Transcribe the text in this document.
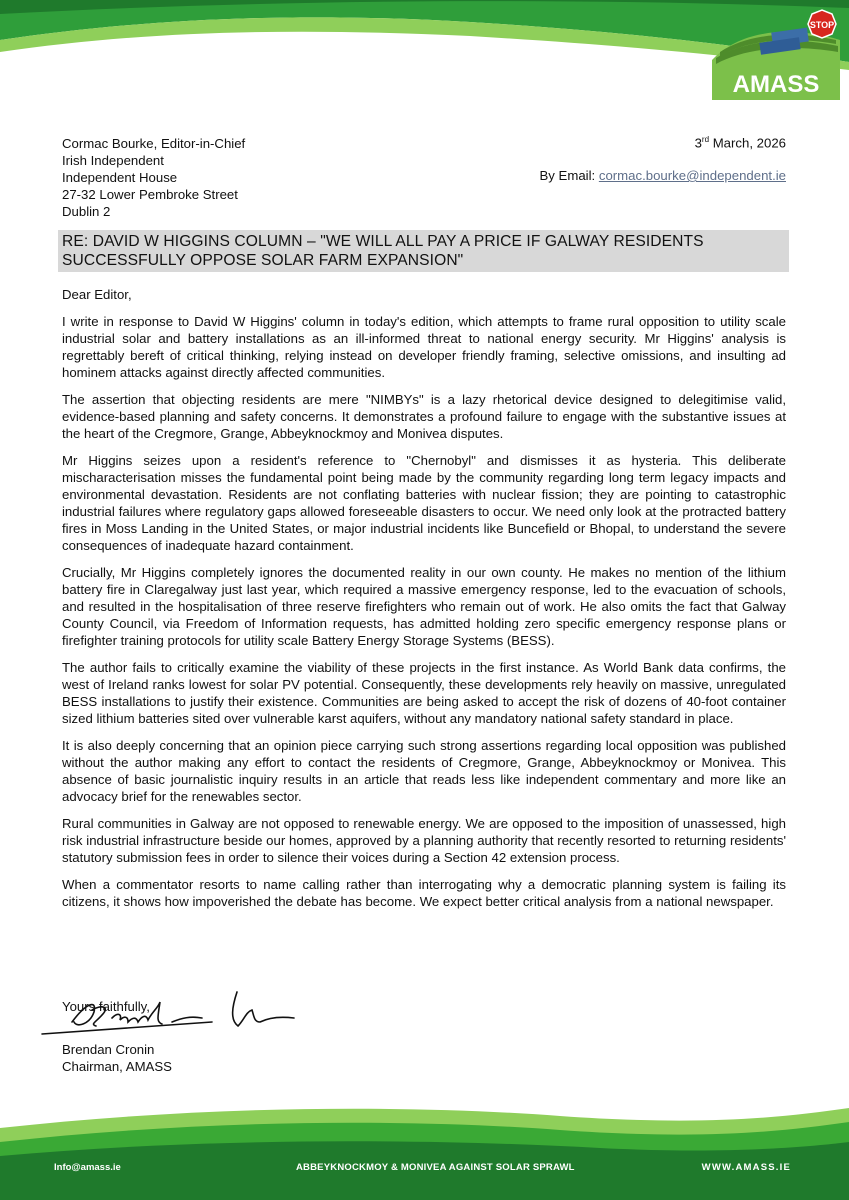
STOP
AMASS
Cormac Bourke, Editor-in-Chief
Irish Independent
Independent House
27-32 Lower Pembroke Street
Dublin 2
3rd March, 2026
By Email: cormac.bourke@independent.ie
RE: DAVID W HIGGINS COLUMN – "WE WILL ALL PAY A PRICE IF GALWAY RESIDENTS SUCCESSFULLY OPPOSE SOLAR FARM EXPANSION"

Dear Editor,

I write in response to David W Higgins' column in today's edition, which attempts to frame rural opposition to utility scale industrial solar and battery installations as an ill-informed threat to national energy security. Mr Higgins' analysis is regrettably bereft of critical thinking, relying instead on developer friendly framing, selective omissions, and insulting ad hominem attacks against directly affected communities.

The assertion that objecting residents are mere "NIMBYs" is a lazy rhetorical device designed to delegitimise valid, evidence-based planning and safety concerns. It demonstrates a profound failure to engage with the substantive issues at the heart of the Cregmore, Grange, Abbeyknockmoy and Monivea disputes.

Mr Higgins seizes upon a resident's reference to "Chernobyl" and dismisses it as hysteria. This deliberate mischaracterisation misses the fundamental point being made by the community regarding long term legacy impacts and environmental devastation. Residents are not conflating batteries with nuclear fission; they are pointing to catastrophic industrial failures where regulatory gaps allowed foreseeable disasters to occur. We need only look at the protracted battery fires in Moss Landing in the United States, or major industrial incidents like Buncefield or Bhopal, to understand the severe consequences of inadequate hazard containment.

Crucially, Mr Higgins completely ignores the documented reality in our own county. He makes no mention of the lithium battery fire in Claregalway just last year, which required a massive emergency response, led to the evacuation of schools, and resulted in the hospitalisation of three reserve firefighters who remain out of work. He also omits the fact that Galway County Council, via Freedom of Information requests, has admitted holding zero specific emergency response plans or firefighter training protocols for utility scale Battery Energy Storage Systems (BESS).

The author fails to critically examine the viability of these projects in the first instance. As World Bank data confirms, the west of Ireland ranks lowest for solar PV potential. Consequently, these developments rely heavily on massive, unregulated BESS installations to justify their existence. Communities are being asked to accept the risk of dozens of 40-foot container sized lithium batteries sited over vulnerable karst aquifers, without any mandatory national safety standard in place.

It is also deeply concerning that an opinion piece carrying such strong assertions regarding local opposition was published without the author making any effort to contact the residents of Cregmore, Grange, Abbeyknockmoy or Monivea. This absence of basic journalistic inquiry results in an article that reads less like independent commentary and more like an advocacy brief for the renewables sector.

Rural communities in Galway are not opposed to renewable energy. We are opposed to the imposition of unassessed, high risk industrial infrastructure beside our homes, approved by a planning authority that recently resorted to returning residents' statutory submission fees in order to silence their voices during a Section 42 extension process.

When a commentator resorts to name calling rather than interrogating why a democratic planning system is failing its citizens, it shows how impoverished the debate has become. We expect better critical analysis from a national newspaper.

Yours faithfully,
Brendan Cronin
Chairman, AMASS
Info@amass.ie	ABBEYKNOCKMOY & MONIVEA AGAINST SOLAR SPRAWL	WWW.AMASS.IE
